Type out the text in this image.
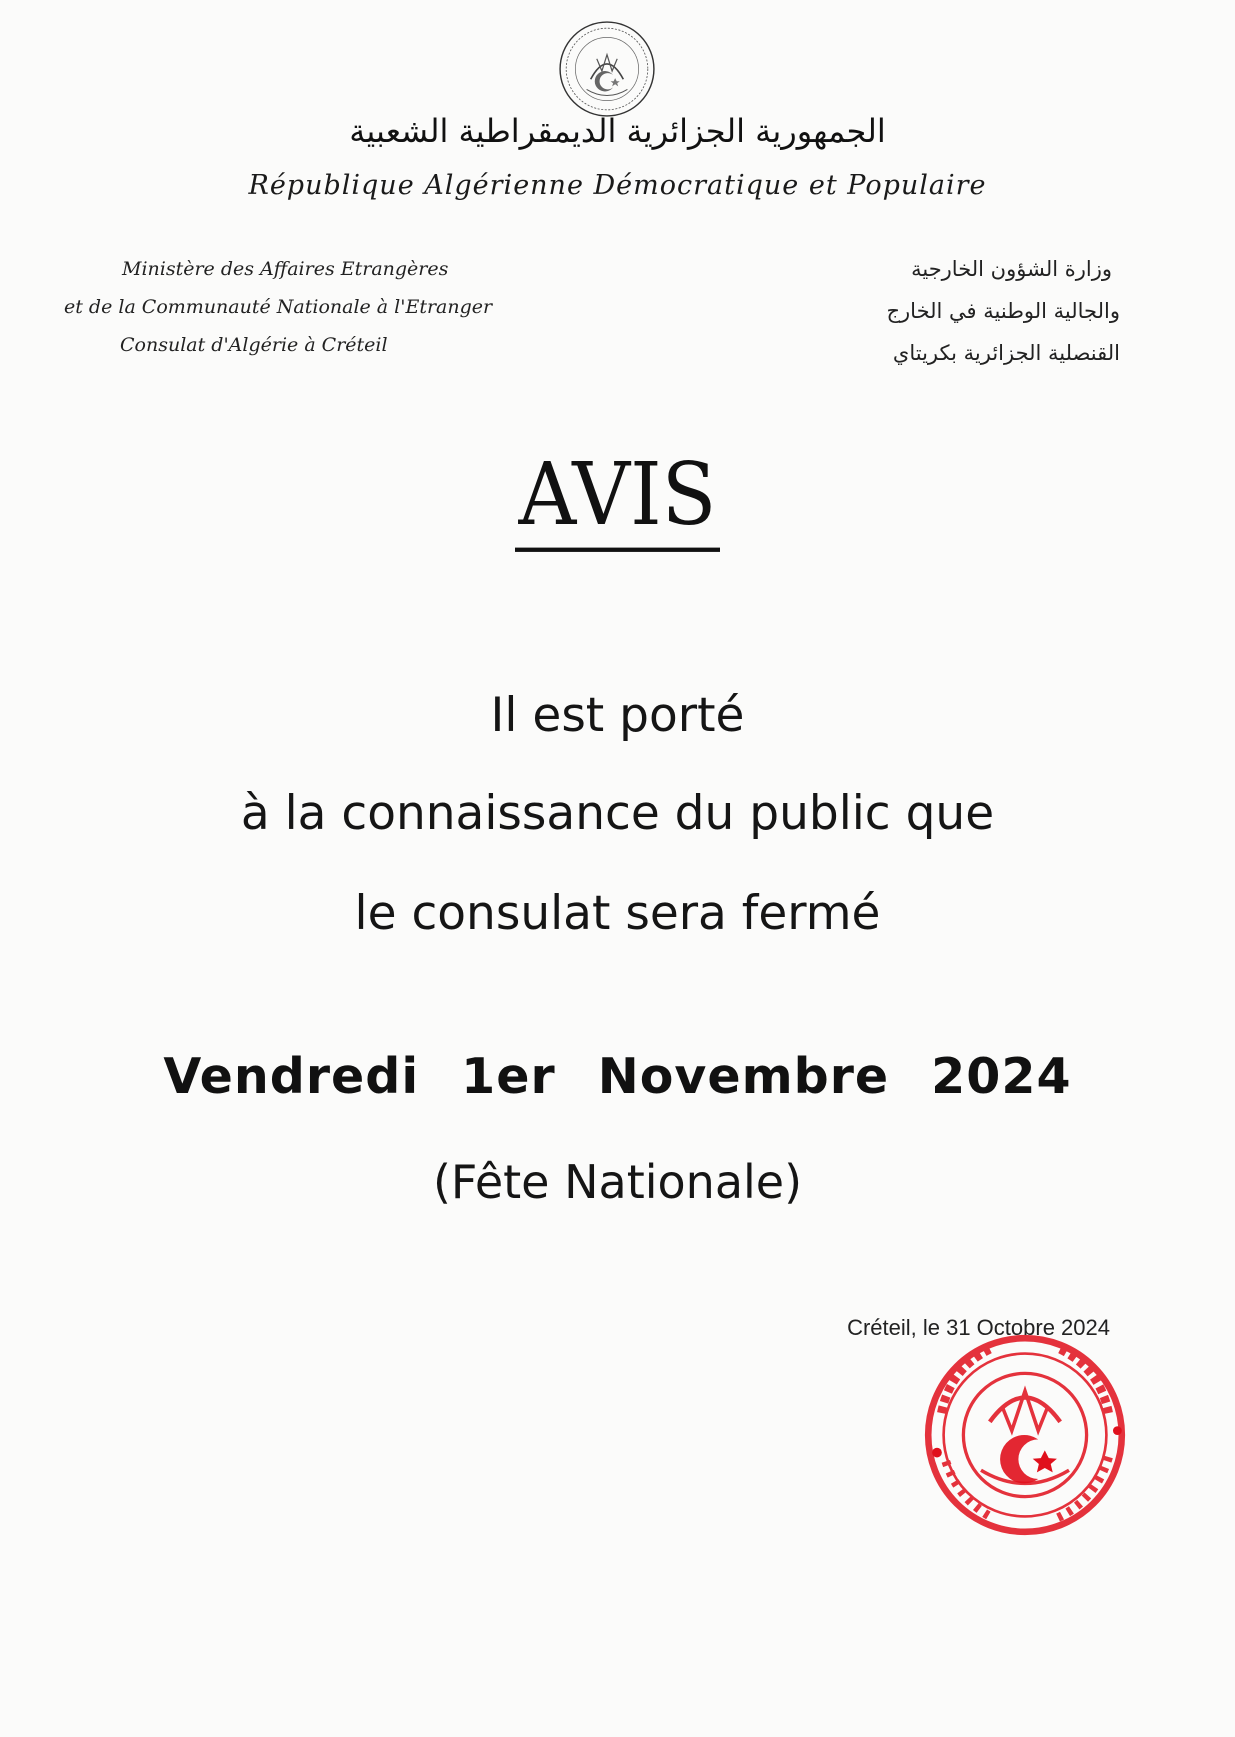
الجمهورية الجزائرية الديمقراطية الشعبية
République Algérienne Démocratique et Populaire
Ministère des Affaires Etrangères
et de la Communauté Nationale à l'Etranger
Consulat d'Algérie à Créteil
وزارة الشؤون الخارجية
والجالية الوطنية في الخارج
القنصلية الجزائرية بكريتاي
AVIS
Il est porté
à la connaissance du public que
le consulat sera fermé
Vendredi 1er Novembre 2024
(Fête Nationale)
Créteil, le 31 Octobre 2024
